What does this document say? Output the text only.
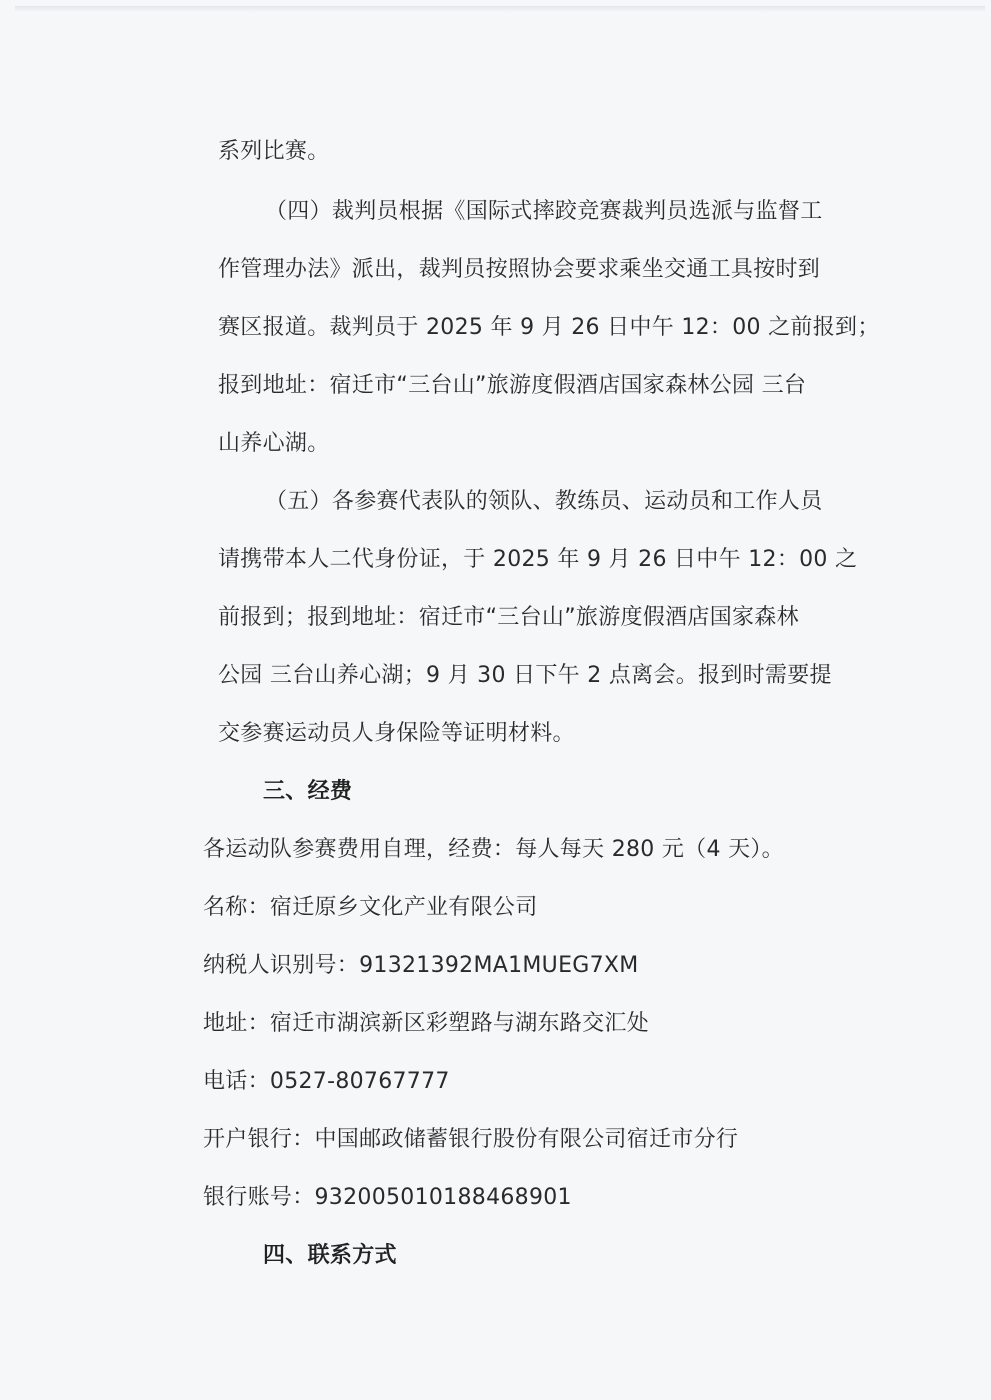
系列比赛。
（四）裁判员根据《国际式摔跤竞赛裁判员选派与监督工
作管理办法》派出，裁判员按照协会要求乘坐交通工具按时到
赛区报道。裁判员于 2025 年 9 月 26 日中午 12：00 之前报到；
报到地址：宿迁市“三台山”旅游度假酒店国家森林公园 三台
山养心湖。
（五）各参赛代表队的领队、教练员、运动员和工作人员
请携带本人二代身份证，于 2025 年 9 月 26 日中午 12：00 之
前报到；报到地址：宿迁市“三台山”旅游度假酒店国家森林
公园 三台山养心湖；9 月 30 日下午 2 点离会。报到时需要提
交参赛运动员人身保险等证明材料。
三、经费
各运动队参赛费用自理，经费：每人每天 280 元（4 天）。
名称：宿迁原乡文化产业有限公司
纳税人识别号：91321392MA1MUEG7XM
地址：宿迁市湖滨新区彩塑路与湖东路交汇处
电话：0527-80767777
开户银行：中国邮政储蓄银行股份有限公司宿迁市分行
银行账号：932005010188468901
四、联系方式
